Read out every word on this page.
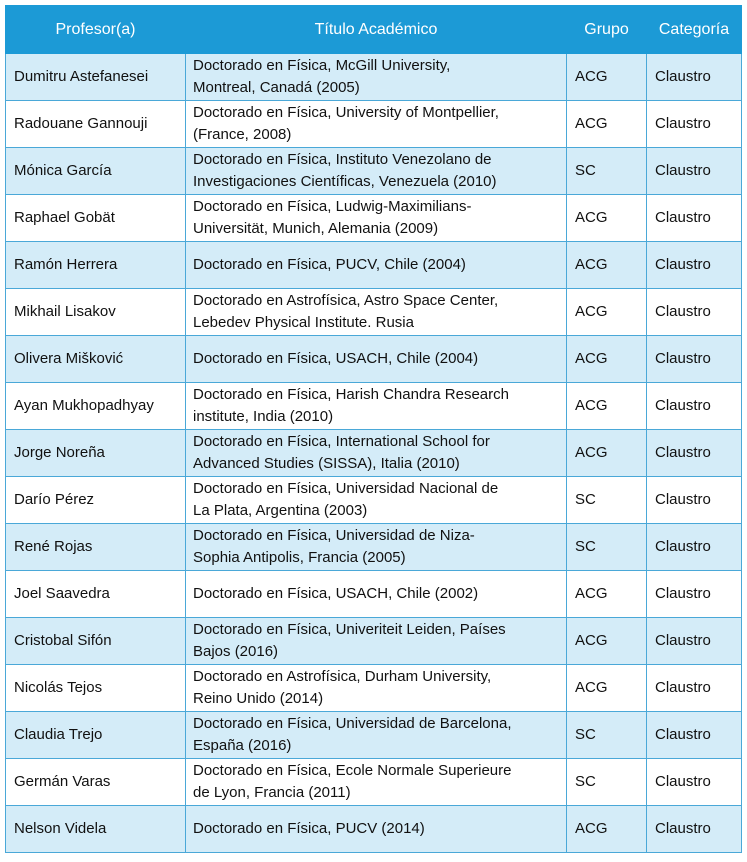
Profesor(a)	Título Académico	Grupo	Categoría
Dumitru Astefanesei	Doctorado en Física, McGill University,
Montreal, Canadá (2005)	ACG	Claustro
Radouane Gannouji	Doctorado en Física, University of Montpellier,
(France, 2008)	ACG	Claustro
Mónica García	Doctorado en Física, Instituto Venezolano de
Investigaciones Científicas, Venezuela (2010)	SC	Claustro
Raphael Gobät	Doctorado en Física, Ludwig-Maximilians-
Universität, Munich, Alemania (2009)	ACG	Claustro
Ramón Herrera	Doctorado en Física, PUCV, Chile (2004)	ACG	Claustro
Mikhail Lisakov	Doctorado en Astrofísica, Astro Space Center,
Lebedev Physical Institute. Rusia	ACG	Claustro
Olivera Mišković	Doctorado en Física, USACH, Chile (2004)	ACG	Claustro
Ayan Mukhopadhyay	Doctorado en Física, Harish Chandra Research
institute, India (2010)	ACG	Claustro
Jorge Noreña	Doctorado en Física, International School for
Advanced Studies (SISSA), Italia (2010)	ACG	Claustro
Darío Pérez	Doctorado en Física, Universidad Nacional de
La Plata, Argentina (2003)	SC	Claustro
René Rojas	Doctorado en Física, Universidad de Niza-
Sophia Antipolis, Francia (2005)	SC	Claustro
Joel Saavedra	Doctorado en Física, USACH, Chile (2002)	ACG	Claustro
Cristobal Sifón	Doctorado en Física, Univeriteit Leiden, Países
Bajos (2016)	ACG	Claustro
Nicolás Tejos	Doctorado en Astrofísica, Durham University,
Reino Unido (2014)	ACG	Claustro
Claudia Trejo	Doctorado en Física, Universidad de Barcelona,
España (2016)	SC	Claustro
Germán Varas	Doctorado en Física, Ecole Normale Superieure
de Lyon, Francia (2011)	SC	Claustro
Nelson Videla	Doctorado en Física, PUCV (2014)	ACG	Claustro
